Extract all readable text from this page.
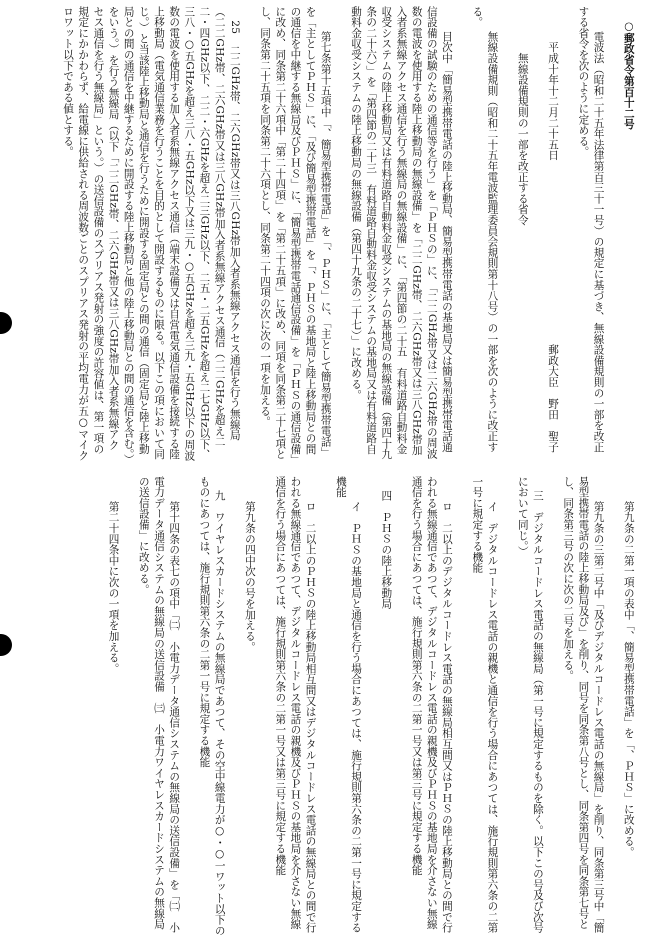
○郵政省令第百十二号

　電波法（昭和二十五年法律第百三十一号）の規定に基づき、無線設備規則の一部を改正する省令を次のように定める。

　　平成十年十二月二十五日　　　　　　　　　　　　　　　　　郵政大臣　野田　聖子

　　　無線設備規則の一部を改正する省令

　無線設備規則（昭和二十五年電波監理委員会規則第十八号）の一部を次のように改正する。

　目次中「簡易型携帯電話の陸上移動局、簡易型携帯電話の基地局又は簡易型携帯電話通信設備の試験のための通信等を行う」を「ＰＨＳの」に、「二二GHz帯又は二六GHz帯の周波数の電波を使用する陸上移動局の無線設備」を「二二GHz帯、二六GHz帯又は三八GHz帯加入者系無線アクセス通信を行う無線局の無線設備」に、「第四節の二十五　有料道路自動料金収受システムの陸上移動局又は有料道路自動料金収受システムの基地局の無線設備（第四十九条の二十六）」を「第四節の二十三　有料道路自動料金収受システムの基地局又は有料道路自動料金収受システムの陸上移動局の無線設備（第四十九条の二十七）」に改める。

　第七条第十五項中「、簡易型携帯電話」を「、ＰＨＳ」に、「主として簡易型携帯電話」を「主としてＰＨＳ」に、「及び簡易型携帯電話」を「、ＰＨＳの基地局と陸上移動局との間の通信を中継する無線局及びＰＨＳ」に、「簡易型携帯電話通信設備」を「ＰＨＳの通信設備」に改め、同条第二十六項中「第二十四項」を「第二十五項」に改め、同項を同条第二十七項とし、同条第二十五項を同条第二十六項とし、同条第二十四項の次に次の一項を加える。

25　二二GHz帯、二六GHz帯又は三八GHz帯加入者系無線アクセス通信を行う無線局（二二GHz帯、二六GHz帯又は三八GHz帯加入者系無線アクセス通信（二二GHzを超え二二・四GHz以下、二二・六GHzを超え二三GHz以下、二五・二五GHzを超え二七GHz以下、三八・○五GHzを超え三八・五GHz以下又は三九・○五GHzを超え三九・五GHz以下の周波数の電波を使用する加入者系無線アクセス通信（端末設備又は自営電気通信設備を接続する陸上移動局（電気通信業務を行うことを目的として開設するものに限る。以下この項において同じ。）と当該陸上移動局と通信を行うために開設する固定局との間の通信（固定局と陸上移動局との間の通信を中継するために開設する陸上移動局と他の陸上移動局との間の通信を含む。）をいう。）を行う無線局（以下「二二GHz帯、二六GHz帯又は三八GHz帯加入者系無線アクセス通信を行う無線局」という。）の送信設備のスプリアス発射の強度の許容値は、第一項の規定にかかわらず、給電線に供給される周波数ごとのスプリアス発射の平均電力が五○マイクロワット以下である値とする。

　第九条の二第一項の表中「、簡易型携帯電話」を「、ＰＨＳ」に改める。

　第九条の三第二号中「及びデジタルコードレス電話の無線局」を削り、同条第三号中「簡易型携帯電話の陸上移動局及び」を削り、同号を同条第八号とし、同条第四号を同条第七号とし、同条第三号の次に次の二号を加える。

三　デジタルコードレス電話の無線局（第一号に規定するものを除く。以下この号及び次号において同じ。）

　イ　デジタルコードレス電話の親機と通信を行う場合にあつては、施行規則第六条の二第一号に規定する機能

　ロ　二以上のデジタルコードレス電話の無線局相互間又はＰＨＳの陸上移動局との間で行われる無線通信であつて、デジタルコードレス電話の親機及びＰＨＳの基地局を介さない無線通信を行う場合にあつては、施行規則第六条の二第一号又は第三号に規定する機能

四　ＰＨＳの陸上移動局

　イ　ＰＨＳの基地局と通信を行う場合にあつては、施行規則第六条の二第一号に規定する機能

　ロ　二以上のＰＨＳの陸上移動局相互間又はデジタルコードレス電話の無線局との間で行われる無線通信であつて、デジタルコードレス電話の親機及びＰＨＳの基地局を介さない無線通信を行う場合にあつては、施行規則第六条の二第一号又は第三号に規定する機能

　第九条の四中次の号を加える。

九　ワイヤレスカードシステムの無線局であつて、その空中線電力が○・○一ワット以下のものにあつては、施行規則第六条の二第一号に規定する機能

　第十四条の表七の項中「㈡　小電力データ通信システムの無線局の送信設備」を「㈡　小電力データ通信システムの無線局の送信設備　㈢　小電力ワイヤレスカードシステムの無線局の送信設備」に改める。

　第二十四条中に次の一項を加える。
